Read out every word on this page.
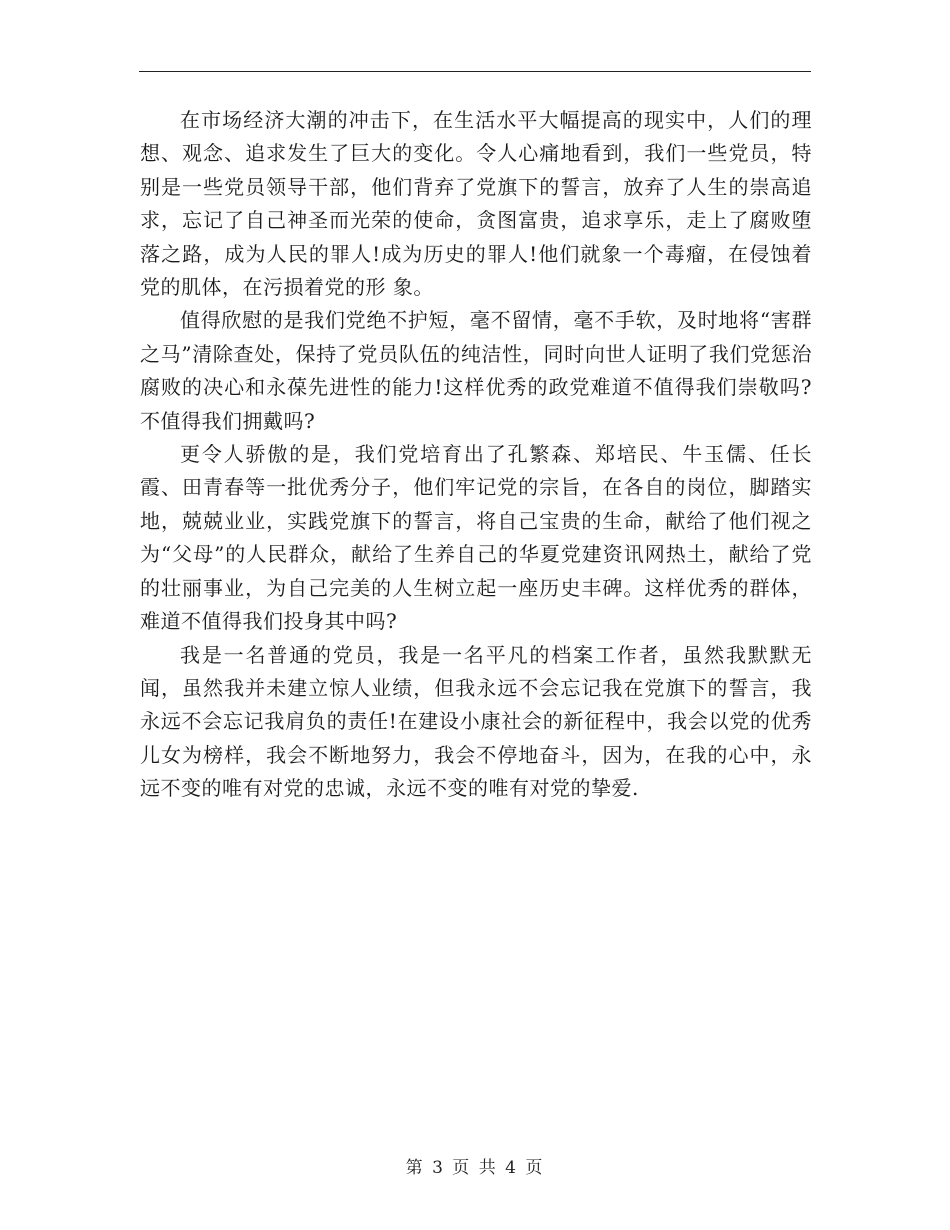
在市场经济大潮的冲击下，在生活水平大幅提高的现实中，人们的理想、观念、追求发生了巨大的变化。令人心痛地看到，我们一些党员，特别是一些党员领导干部，他们背弃了党旗下的誓言，放弃了人生的崇高追求，忘记了自己神圣而光荣的使命，贪图富贵，追求享乐，走上了腐败堕落之路，成为人民的罪人!成为历史的罪人!他们就象一个毒瘤，在侵蚀着党的肌体，在污损着党的形 象。

值得欣慰的是我们党绝不护短，毫不留情，毫不手软，及时地将“害群之马”清除查处，保持了党员队伍的纯洁性，同时向世人证明了我们党惩治腐败的决心和永葆先进性的能力!这样优秀的政党难道不值得我们崇敬吗?不值得我们拥戴吗?

更令人骄傲的是，我们党培育出了孔繁森、郑培民、牛玉儒、任长霞、田青春等一批优秀分子，他们牢记党的宗旨，在各自的岗位，脚踏实地，兢兢业业，实践党旗下的誓言，将自己宝贵的生命，献给了他们视之为“父母”的人民群众，献给了生养自己的华夏党建资讯网热土，献给了党的壮丽事业，为自己完美的人生树立起一座历史丰碑。这样优秀的群体，难道不值得我们投身其中吗?

我是一名普通的党员，我是一名平凡的档案工作者，虽然我默默无闻，虽然我并未建立惊人业绩，但我永远不会忘记我在党旗下的誓言，我永远不会忘记我肩负的责任!在建设小康社会的新征程中，我会以党的优秀儿女为榜样，我会不断地努力，我会不停地奋斗，因为，在我的心中，永远不变的唯有对党的忠诚，永远不变的唯有对党的挚爱.

第 3 页 共 4 页
